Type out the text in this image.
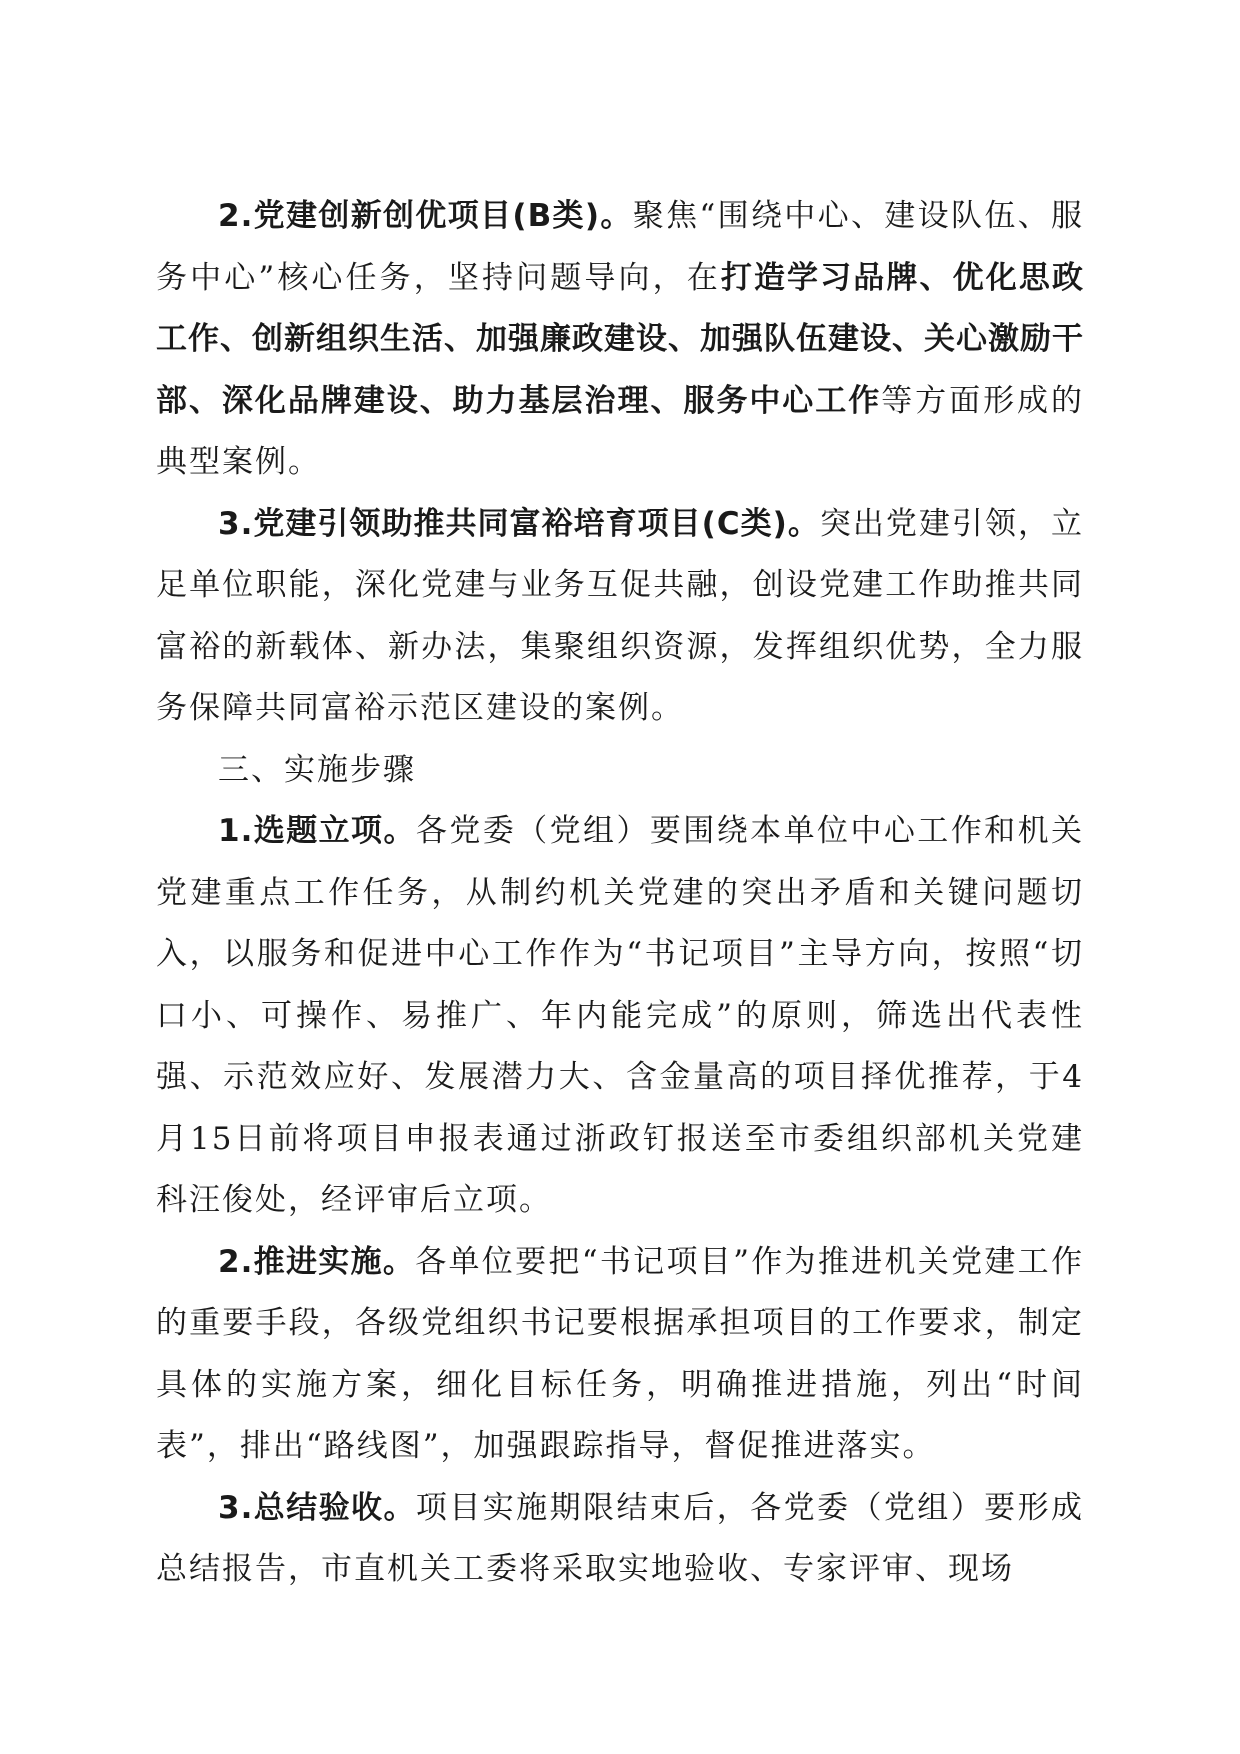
2.党建创新创优项目(B类)。聚焦“围绕中心、建设队伍、服务中心”核心任务，坚持问题导向，在打造学习品牌、优化思政工作、创新组织生活、加强廉政建设、加强队伍建设、关心激励干部、深化品牌建设、助力基层治理、服务中心工作等方面形成的典型案例。

3.党建引领助推共同富裕培育项目(C类)。突出党建引领，立足单位职能，深化党建与业务互促共融，创设党建工作助推共同富裕的新载体、新办法，集聚组织资源，发挥组织优势，全力服务保障共同富裕示范区建设的案例。

三、实施步骤

1.选题立项。各党委（党组）要围绕本单位中心工作和机关党建重点工作任务，从制约机关党建的突出矛盾和关键问题切入，以服务和促进中心工作作为“书记项目”主导方向，按照“切口小、可操作、易推广、年内能完成”的原则，筛选出代表性强、示范效应好、发展潜力大、含金量高的项目择优推荐，于4月15日前将项目申报表通过浙政钉报送至市委组织部机关党建科汪俊处，经评审后立项。

2.推进实施。各单位要把“书记项目”作为推进机关党建工作的重要手段，各级党组织书记要根据承担项目的工作要求，制定具体的实施方案，细化目标任务，明确推进措施，列出“时间表”，排出“路线图”，加强跟踪指导，督促推进落实。

3.总结验收。项目实施期限结束后，各党委（党组）要形成总结报告，市直机关工委将采取实地验收、专家评审、现场
